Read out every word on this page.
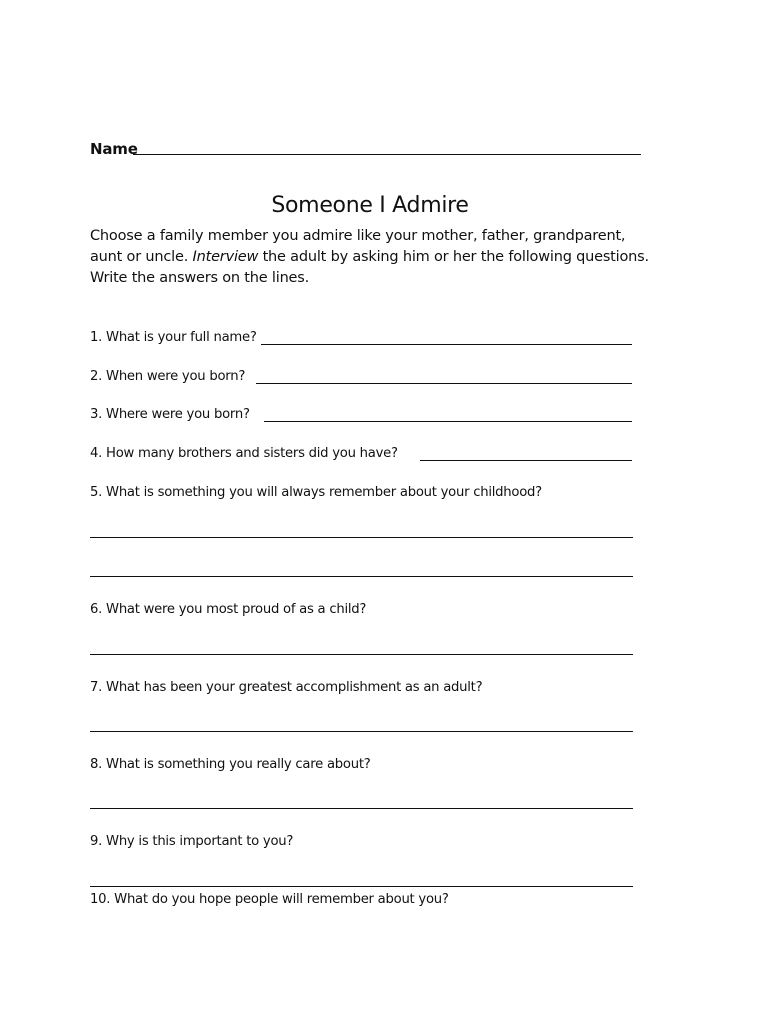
Name
Someone I Admire
Choose a family member you admire like your mother, father, grandparent, aunt or uncle. Interview the adult by asking him or her the following questions.
Write the answers on the lines.
1. What is your full name?
2. When were you born?
3. Where were you born?
4. How many brothers and sisters did you have?
5. What is something you will always remember about your childhood?
6. What were you most proud of as a child?
7. What has been your greatest accomplishment as an adult?
8. What is something you really care about?
9. Why is this important to you?
10. What do you hope people will remember about you?
